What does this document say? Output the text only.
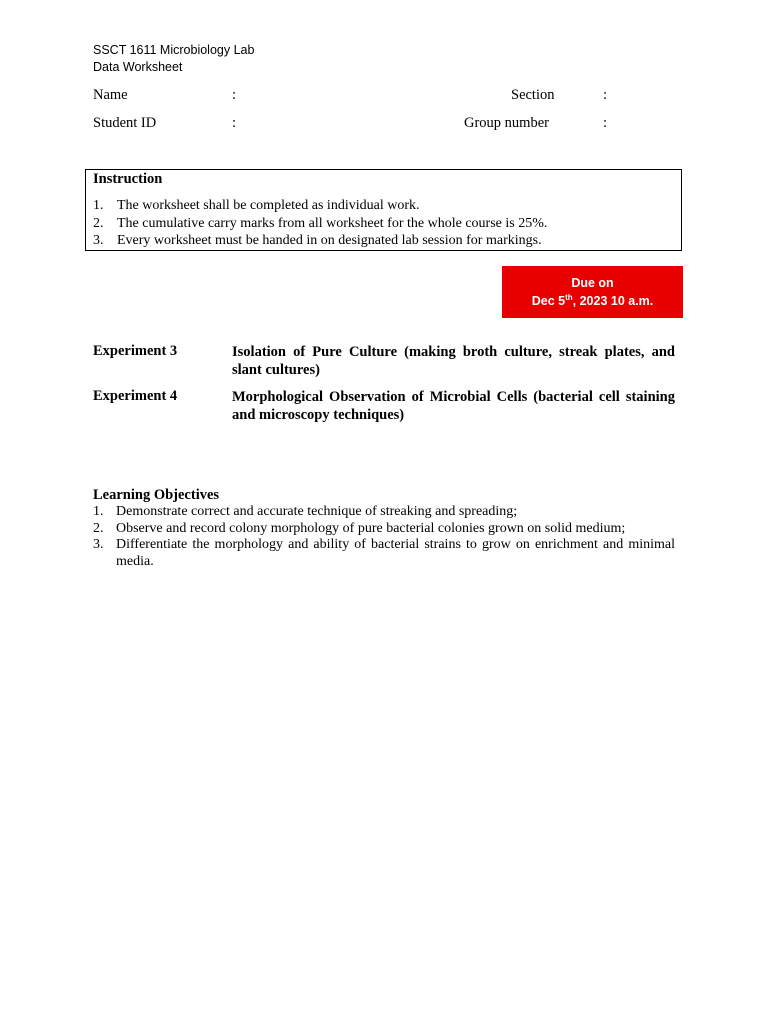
SSCT 1611 Microbiology Lab
Data Worksheet
Name	:	Section	:
Student ID	:	Group number	:
Instruction
1. The worksheet shall be completed as individual work.
2. The cumulative carry marks from all worksheet for the whole course is 25%.
3. Every worksheet must be handed in on designated lab session for markings.
Due on
Dec 5th, 2023 10 a.m.
Experiment 3	Isolation of Pure Culture (making broth culture, streak plates, and slant cultures)
Experiment 4	Morphological Observation of Microbial Cells (bacterial cell staining and microscopy techniques)
Learning Objectives
1. Demonstrate correct and accurate technique of streaking and spreading;
2. Observe and record colony morphology of pure bacterial colonies grown on solid medium;
3. Differentiate the morphology and ability of bacterial strains to grow on enrichment and minimal media.
